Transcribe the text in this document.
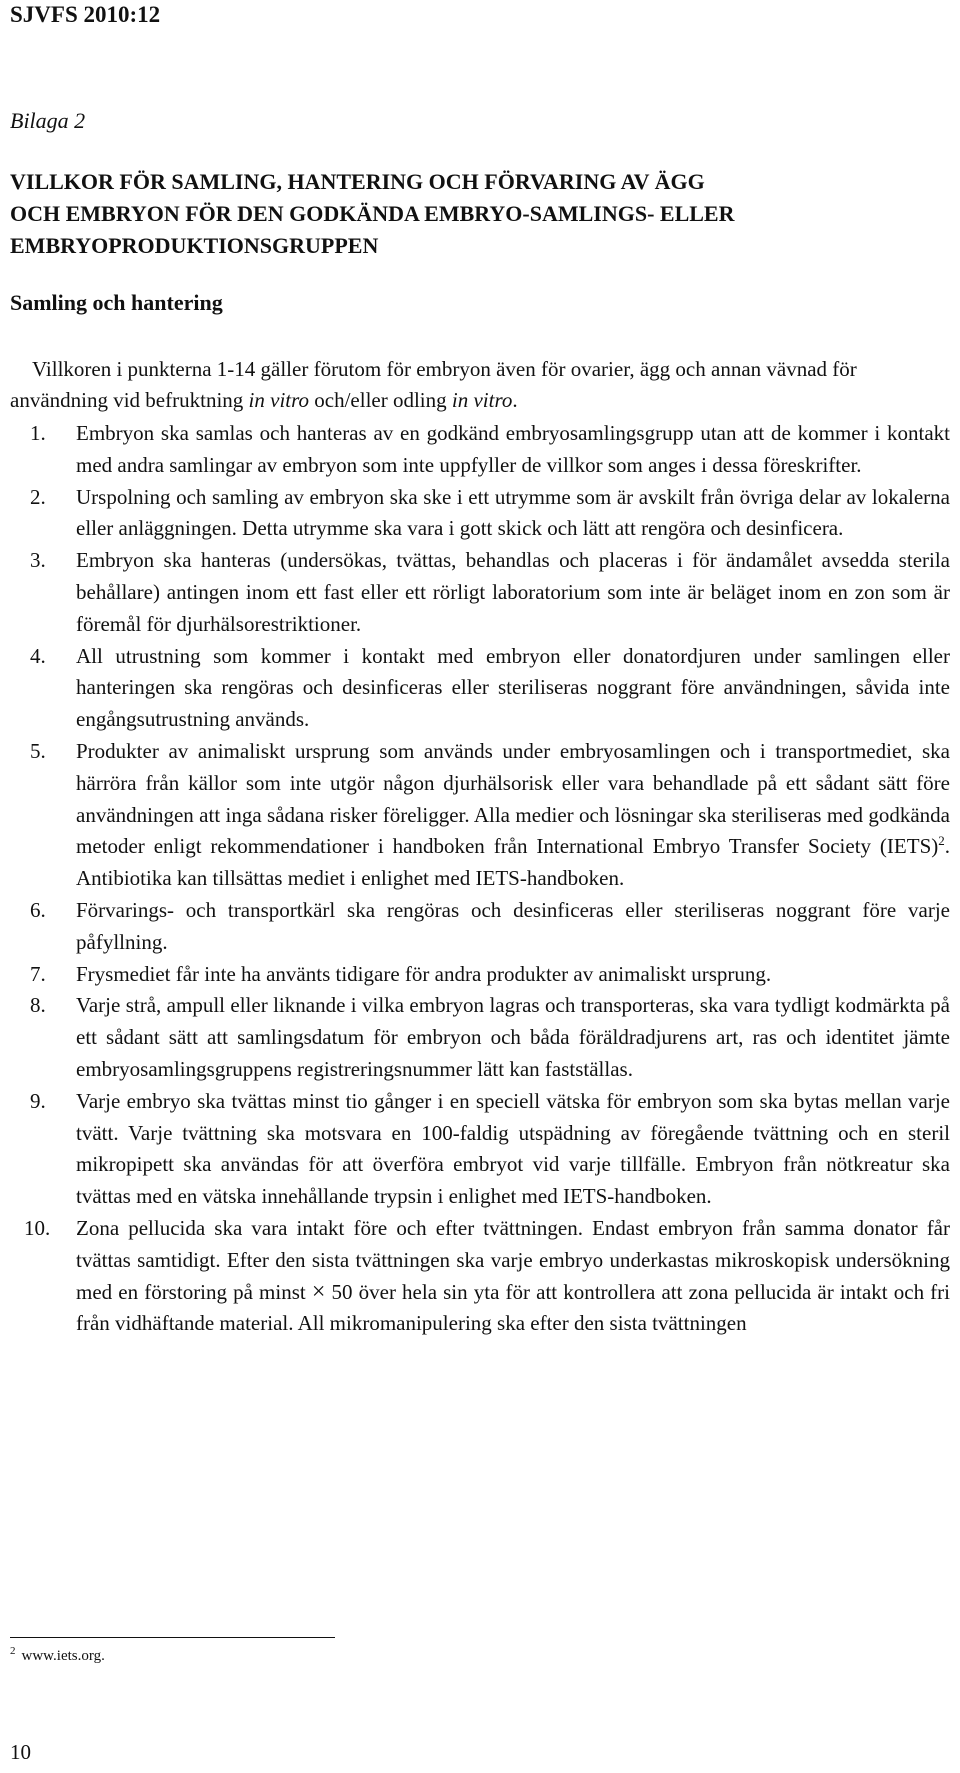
SJVFS 2010:12
Bilaga 2
VILLKOR FÖR SAMLING, HANTERING OCH FÖRVARING AV ÄGG
OCH EMBRYON FÖR DEN GODKÄNDA EMBRYO-SAMLINGS- ELLER
EMBRYOPRODUKTIONSGRUPPEN
Samling och hantering

Villkoren i punkterna 1-14 gäller förutom för embryon även för ovarier, ägg och annan vävnad för användning vid befruktning in vitro och/eller odling in vitro.

1.	Embryon ska samlas och hanteras av en godkänd embryosamlingsgrupp utan att de kommer i kontakt med andra samlingar av embryon som inte uppfyller de villkor som anges i dessa föreskrifter.
2.	Urspolning och samling av embryon ska ske i ett utrymme som är avskilt från övriga delar av lokalerna eller anläggningen. Detta utrymme ska vara i gott skick och lätt att rengöra och desinficera.
3.	Embryon ska hanteras (undersökas, tvättas, behandlas och placeras i för ändamålet avsedda sterila behållare) antingen inom ett fast eller ett rörligt laboratorium som inte är beläget inom en zon som är föremål för djurhälsorestriktioner.
4.	All utrustning som kommer i kontakt med embryon eller donatordjuren under samlingen eller hanteringen ska rengöras och desinficeras eller steriliseras noggrant före användningen, såvida inte engångsutrustning används.
5.	Produkter av animaliskt ursprung som används under embryosamlingen och i transportmediet, ska härröra från källor som inte utgör någon djurhälsorisk eller vara behandlade på ett sådant sätt före användningen att inga sådana risker föreligger. Alla medier och lösningar ska steriliseras med godkända metoder enligt rekommendationer i handboken från International Embryo Transfer Society (IETS)$^2$. Antibiotika kan tillsättas mediet i enlighet med IETS-handboken.
6.	Förvarings- och transportkärl ska rengöras och desinficeras eller steriliseras noggrant före varje påfyllning.
7.	Frysmediet får inte ha använts tidigare för andra produkter av animaliskt ursprung.
8.	Varje strå, ampull eller liknande i vilka embryon lagras och transporteras, ska vara tydligt kodmärkta på ett sådant sätt att samlingsdatum för embryon och båda föräldradjurens art, ras och identitet jämte embryosamlingsgruppens registreringsnummer lätt kan fastställas.
9.	Varje embryo ska tvättas minst tio gånger i en speciell vätska för embryon som ska bytas mellan varje tvätt. Varje tvättning ska motsvara en 100-faldig utspädning av föregående tvättning och en steril mikropipett ska användas för att överföra embryot vid varje tillfälle. Embryon från nötkreatur ska tvättas med en vätska innehållande trypsin i enlighet med IETS-handboken.
10.	Zona pellucida ska vara intakt före och efter tvättningen. Endast embryon från samma donator får tvättas samtidigt. Efter den sista tvättningen ska varje embryo underkastas mikroskopisk undersökning med en förstoring på minst × 50 över hela sin yta för att kontrollera att zona pellucida är intakt och fri från vidhäftande material. All mikromanipulering ska efter den sista tvättningen
$^2$ www.iets.org.
10
